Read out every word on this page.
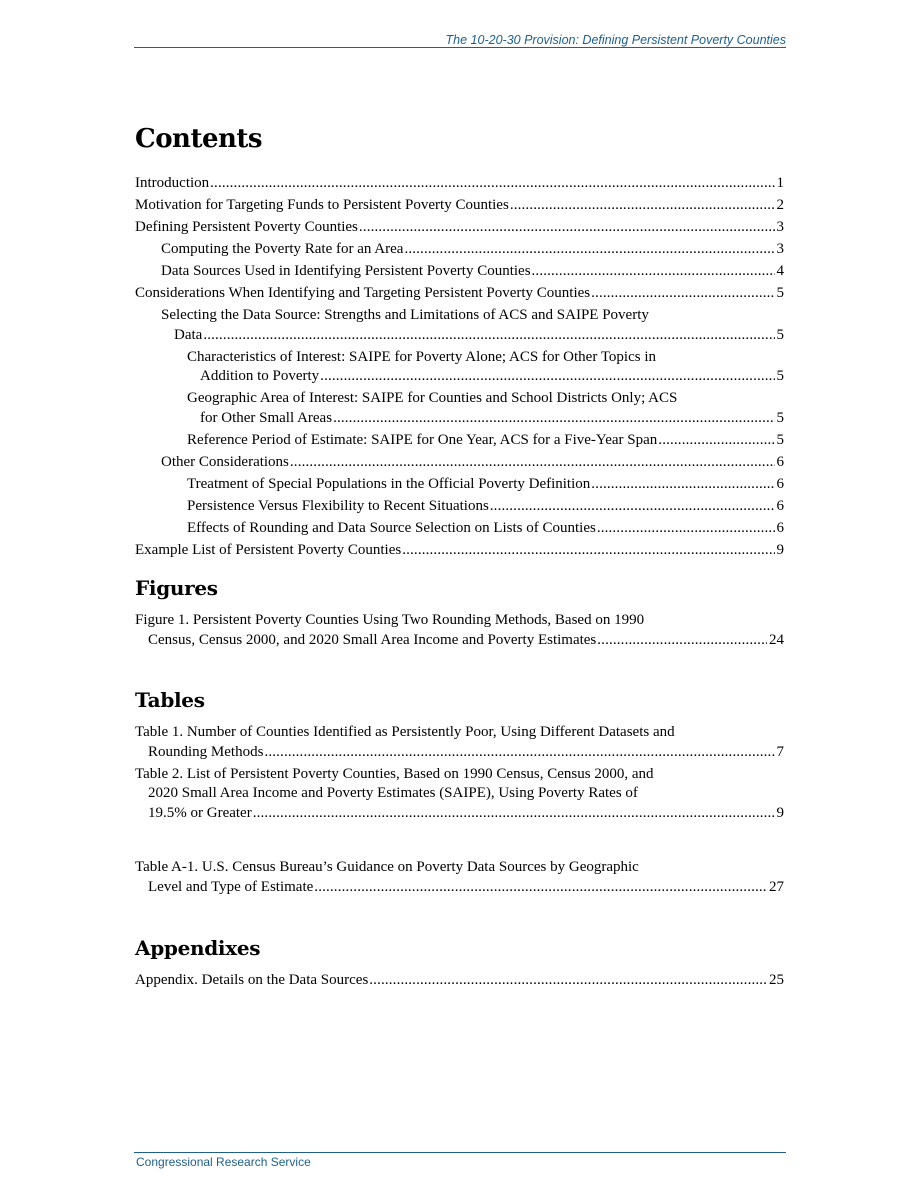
The 10-20-30 Provision: Defining Persistent Poverty Counties
Contents
Introduction . . .	1
Motivation for Targeting Funds to Persistent Poverty Counties . . .	2
Defining Persistent Poverty Counties . . .	3
Computing the Poverty Rate for an Area . . .	3
Data Sources Used in Identifying Persistent Poverty Counties . . .	4
Considerations When Identifying and Targeting Persistent Poverty Counties . . .	5
Selecting the Data Source: Strengths and Limitations of ACS and SAIPE Poverty
Data . . .	5
Characteristics of Interest: SAIPE for Poverty Alone; ACS for Other Topics in
Addition to Poverty . . .	5
Geographic Area of Interest: SAIPE for Counties and School Districts Only; ACS
for Other Small Areas . . .	5
Reference Period of Estimate: SAIPE for One Year, ACS for a Five-Year Span . . .	5
Other Considerations . . .	6
Treatment of Special Populations in the Official Poverty Definition . . .	6
Persistence Versus Flexibility to Recent Situations . . .	6
Effects of Rounding and Data Source Selection on Lists of Counties . . .	6
Example List of Persistent Poverty Counties . . .	9
Figures
Figure 1. Persistent Poverty Counties Using Two Rounding Methods, Based on 1990
Census, Census 2000, and 2020 Small Area Income and Poverty Estimates . . .	24
Tables
Table 1. Number of Counties Identified as Persistently Poor, Using Different Datasets and
Rounding Methods . . .	7
Table 2. List of Persistent Poverty Counties, Based on 1990 Census, Census 2000, and
2020 Small Area Income and Poverty Estimates (SAIPE), Using Poverty Rates of
19.5% or Greater . . .	9
Table A-1. U.S. Census Bureau’s Guidance on Poverty Data Sources by Geographic
Level and Type of Estimate . . .	27
Appendixes
Appendix. Details on the Data Sources . . .	25
Congressional Research Service
